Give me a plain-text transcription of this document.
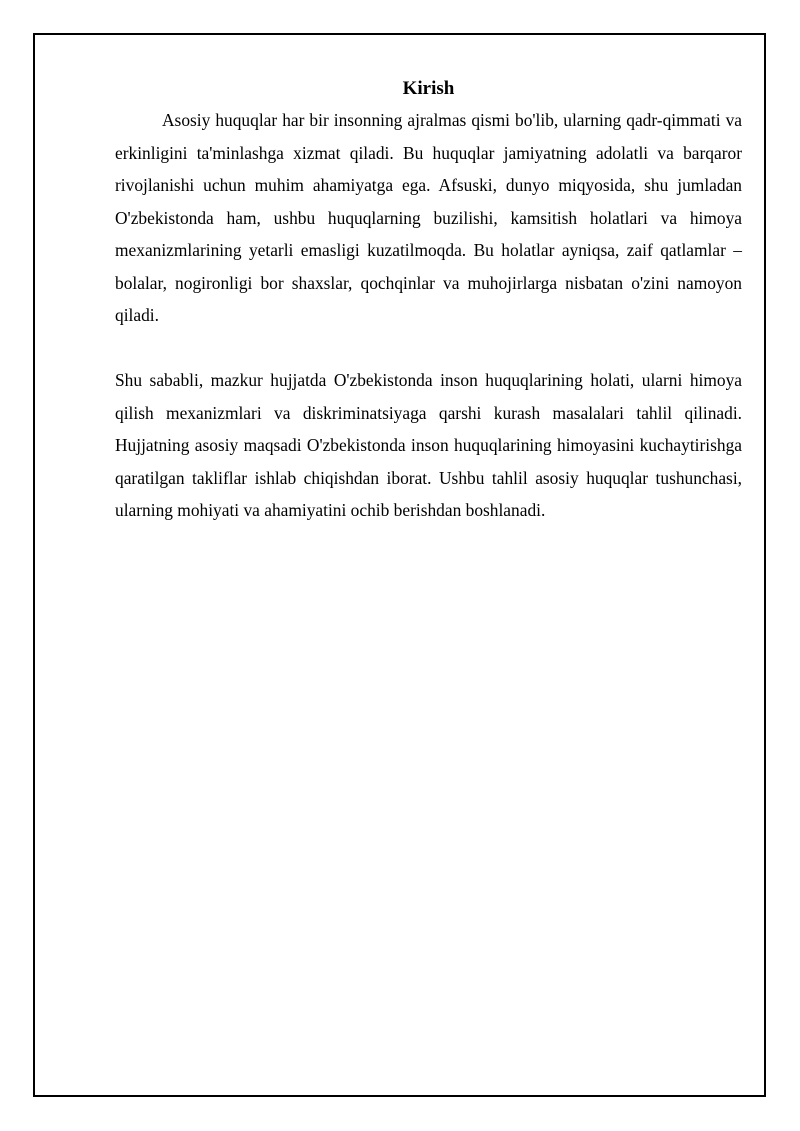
Kirish

Asosiy huquqlar har bir insonning ajralmas qismi bo'lib, ularning qadr-qimmati va erkinligini ta'minlashga xizmat qiladi. Bu huquqlar jamiyatning adolatli va barqaror rivojlanishi uchun muhim ahamiyatga ega. Afsuski, dunyo miqyosida, shu jumladan O'zbekistonda ham, ushbu huquqlarning buzilishi, kamsitish holatlari va himoya mexanizmlarining yetarli emasligi kuzatilmoqda. Bu holatlar ayniqsa, zaif qatlamlar – bolalar, nogironligi bor shaxslar, qochqinlar va muhojirlarga nisbatan o'zini namoyon qiladi.

Shu sababli, mazkur hujjatda O'zbekistonda inson huquqlarining holati, ularni himoya qilish mexanizmlari va diskriminatsiyaga qarshi kurash masalalari tahlil qilinadi. Hujjatning asosiy maqsadi O'zbekistonda inson huquqlarining himoyasini kuchaytirishga qaratilgan takliflar ishlab chiqishdan iborat. Ushbu tahlil asosiy huquqlar tushunchasi, ularning mohiyati va ahamiyatini ochib berishdan boshlanadi.
